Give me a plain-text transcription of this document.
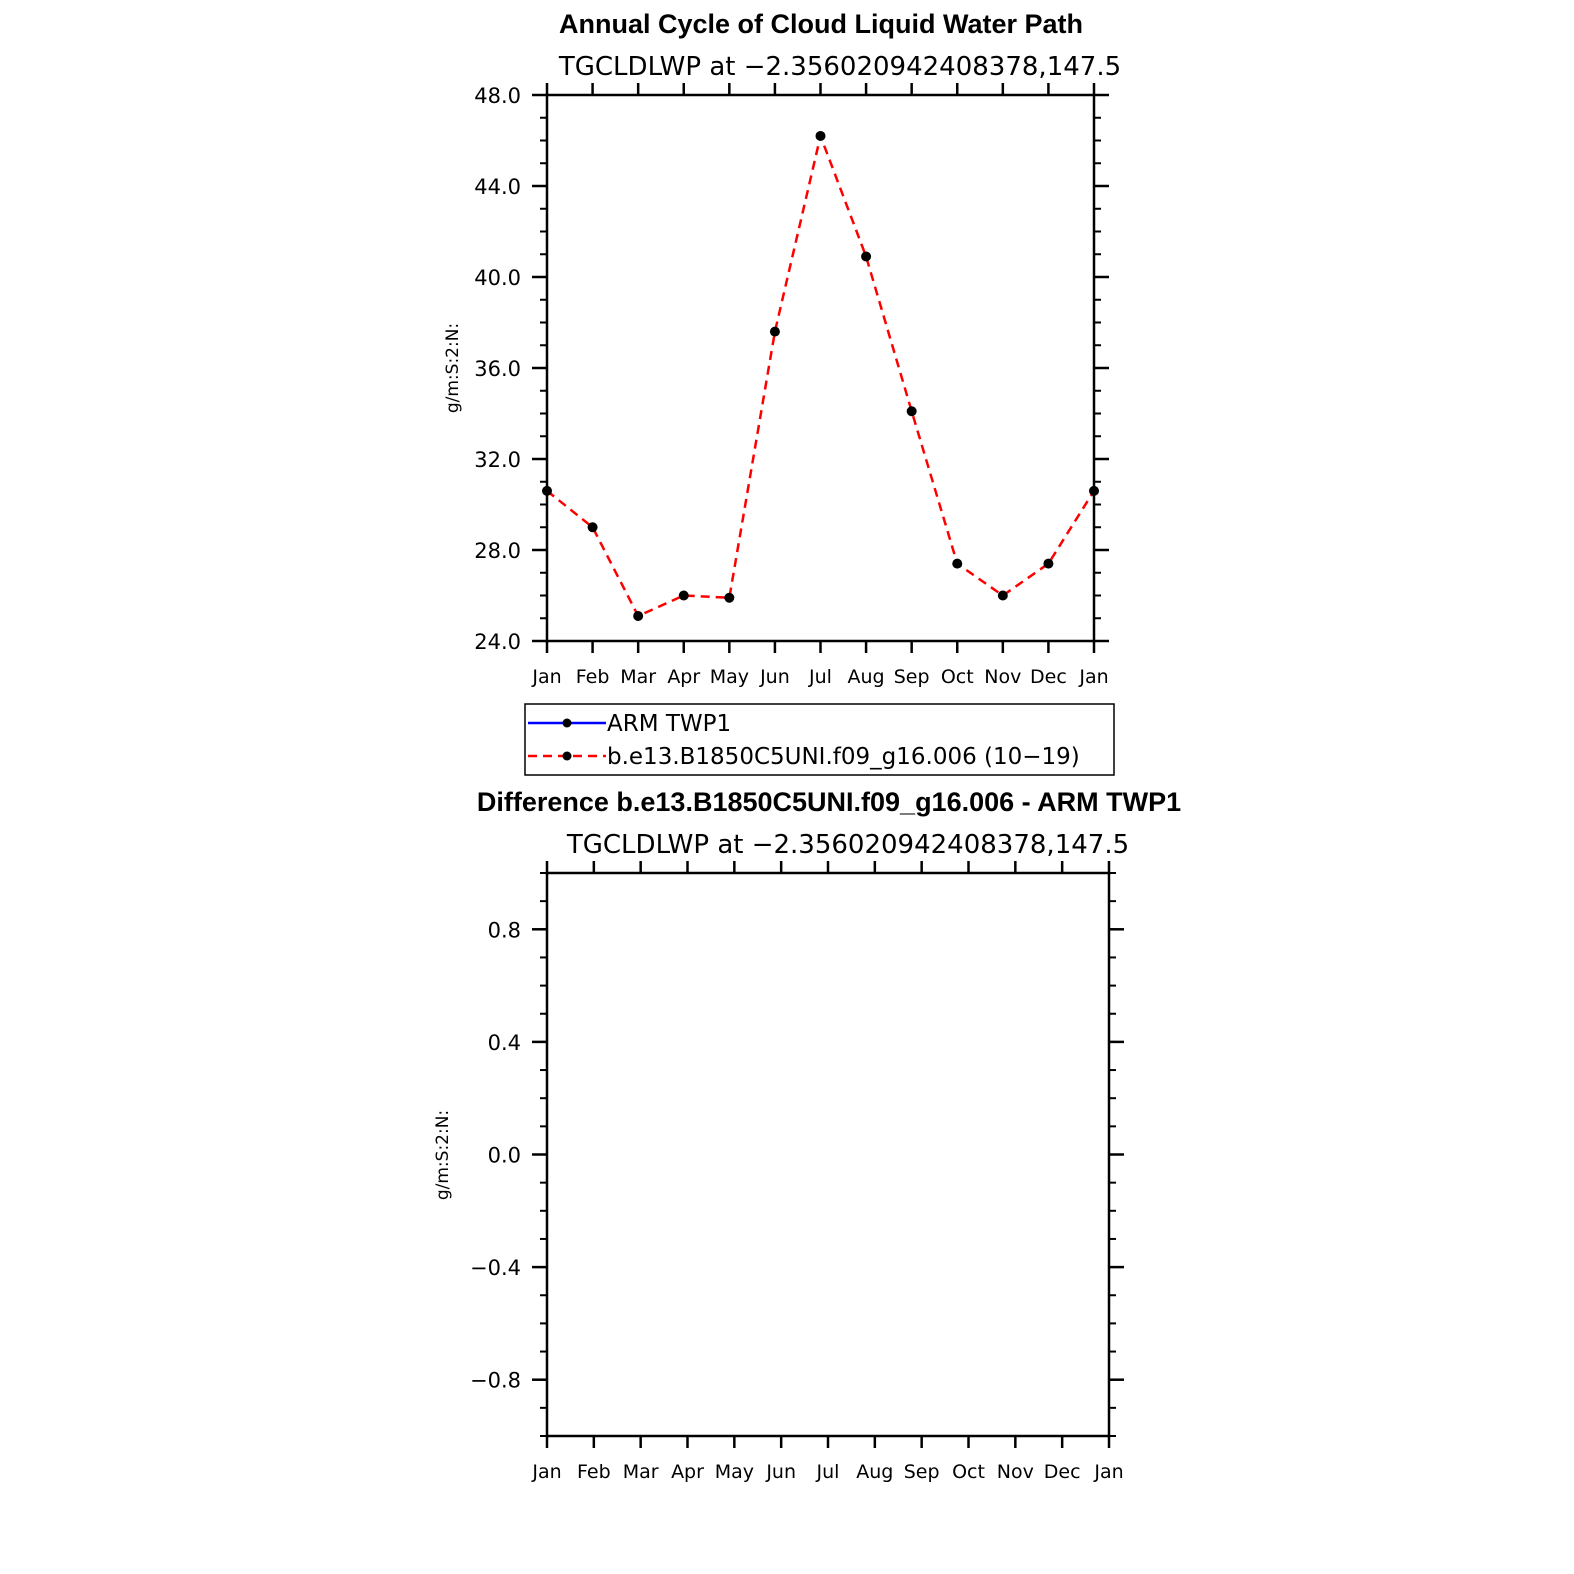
Annual Cycle of Cloud Liquid Water Path
TGCLDLWP at −2.356020942408378,147.5
g/m:S:2:N:
24.0
28.0
32.0
36.0
40.0
44.0
48.0
Jan Feb Mar Apr May Jun Jul Aug Sep Oct Nov Dec Jan
ARM TWP1
b.e13.B1850C5UNI.f09_g16.006 (10−19)
Difference b.e13.B1850C5UNI.f09_g16.006 - ARM TWP1
TGCLDLWP at −2.356020942408378,147.5
g/m:S:2:N:
−0.8
−0.4
0.0
0.4
0.8
Jan Feb Mar Apr May Jun Jul Aug Sep Oct Nov Dec Jan
